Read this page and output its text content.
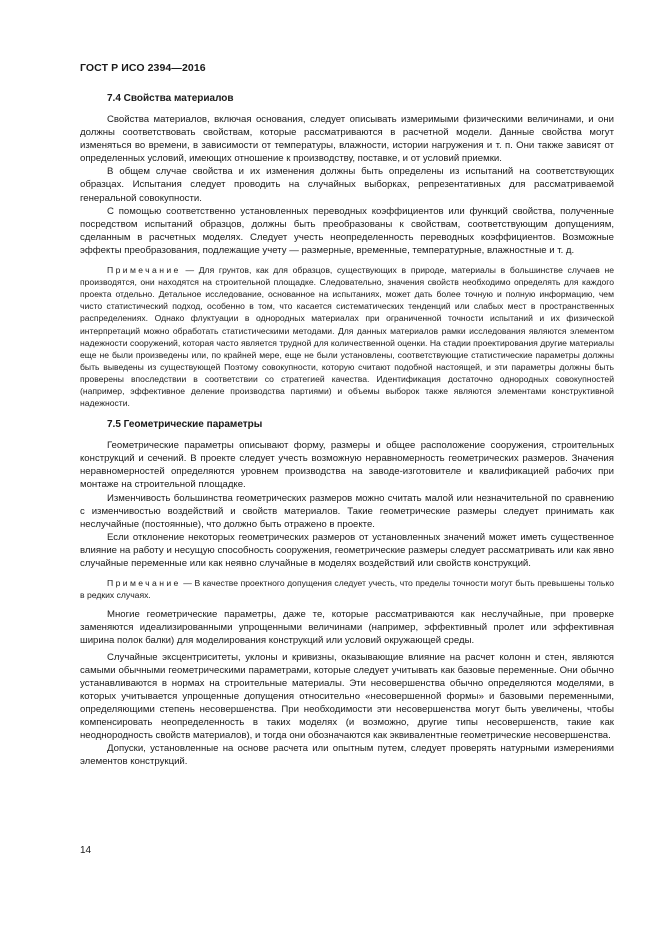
ГОСТ Р ИСО 2394—2016
7.4 Свойства материалов

Свойства материалов, включая основания, следует описывать измеримыми физическими величинами, и они должны соответствовать свойствам, которые рассматриваются в расчетной модели. Данные свойства могут изменяться во времени, в зависимости от температуры, влажности, истории нагружения и т. п. Они также зависят от определенных условий, имеющих отношение к производству, поставке, и от условий приемки.

В общем случае свойства и их изменения должны быть определены из испытаний на соответствующих образцах. Испытания следует проводить на случайных выборках, репрезентативных для рассматриваемой генеральной совокупности.

С помощью соответственно установленных переводных коэффициентов или функций свойства, полученные посредством испытаний образцов, должны быть преобразованы к свойствам, соответствующим допущениям, сделанным в расчетных моделях. Следует учесть неопределенность переводных коэффициентов. Возможные эффекты преобразования, подлежащие учету — размерные, временные, температурные, влажностные и т. д.

Примечание — Для грунтов, как для образцов, существующих в природе, материалы в большинстве случаев не производятся, они находятся на строительной площадке. Следовательно, значения свойств необходимо определять для каждого проекта отдельно. Детальное исследование, основанное на испытаниях, может дать более точную и полную информацию, чем чисто статистический подход, особенно в том, что касается систематических тенденций или слабых мест в пространственных распределениях. Однако флуктуации в однородных материалах при ограниченной точности испытаний и их физической интерпретаций можно обработать статистическими методами. Для данных материалов рамки исследования являются элементом надежности сооружений, которая часто является трудной для количественной оценки. На стадии проектирования другие материалы еще не были произведены или, по крайней мере, еще не были установлены, соответствующие статистические параметры должны быть выведены из существующей Поэтому совокупности, которую считают подобной настоящей, и эти параметры должны быть проверены впоследствии в соответствии со стратегией качества. Идентификация достаточно однородных совокупностей (например, эффективное деление производства партиями) и объемы выборок также являются элементами конструктивной надежности.

7.5 Геометрические параметры

Геометрические параметры описывают форму, размеры и общее расположение сооружения, строительных конструкций и сечений. В проекте следует учесть возможную неравномерность геометрических размеров. Значения неравномерностей определяются уровнем производства на заводе-изготовителе и квалификацией рабочих при монтаже на строительной площадке.

Изменчивость большинства геометрических размеров можно считать малой или незначительной по сравнению с изменчивостью воздействий и свойств материалов. Такие геометрические размеры следует принимать как неслучайные (постоянные), что должно быть отражено в проекте.

Если отклонение некоторых геометрических размеров от установленных значений может иметь существенное влияние на работу и несущую способность сооружения, геометрические размеры следует рассматривать или как явно случайные переменные или как неявно случайные в моделях воздействий или свойств конструкций.

Примечание — В качестве проектного допущения следует учесть, что пределы точности могут быть превышены только в редких случаях.

Многие геометрические параметры, даже те, которые рассматриваются как неслучайные, при проверке заменяются идеализированными упрощенными величинами (например, эффективный пролет или эффективная ширина полок балки) для моделирования конструкций или условий окружающей среды.

Случайные эксцентриситеты, уклоны и кривизны, оказывающие влияние на расчет колонн и стен, являются самыми обычными геометрическими параметрами, которые следует учитывать как базовые переменные. Они обычно устанавливаются в нормах на строительные материалы. Эти несовершенства обычно определяются моделями, в которых учитывается упрощенные допущения относительно «несовершенной формы» и базовыми переменными, определяющими степень несовершенства. При необходимости эти несовершенства могут быть увеличены, чтобы компенсировать неопределенность в таких моделях (и возможно, другие типы несовершенств, такие как неоднородность свойств материалов), и тогда они обозначаются как эквивалентные геометрические несовершенства.

Допуски, установленные на основе расчета или опытным путем, следует проверять натурными измерениями элементов конструкций.

14
